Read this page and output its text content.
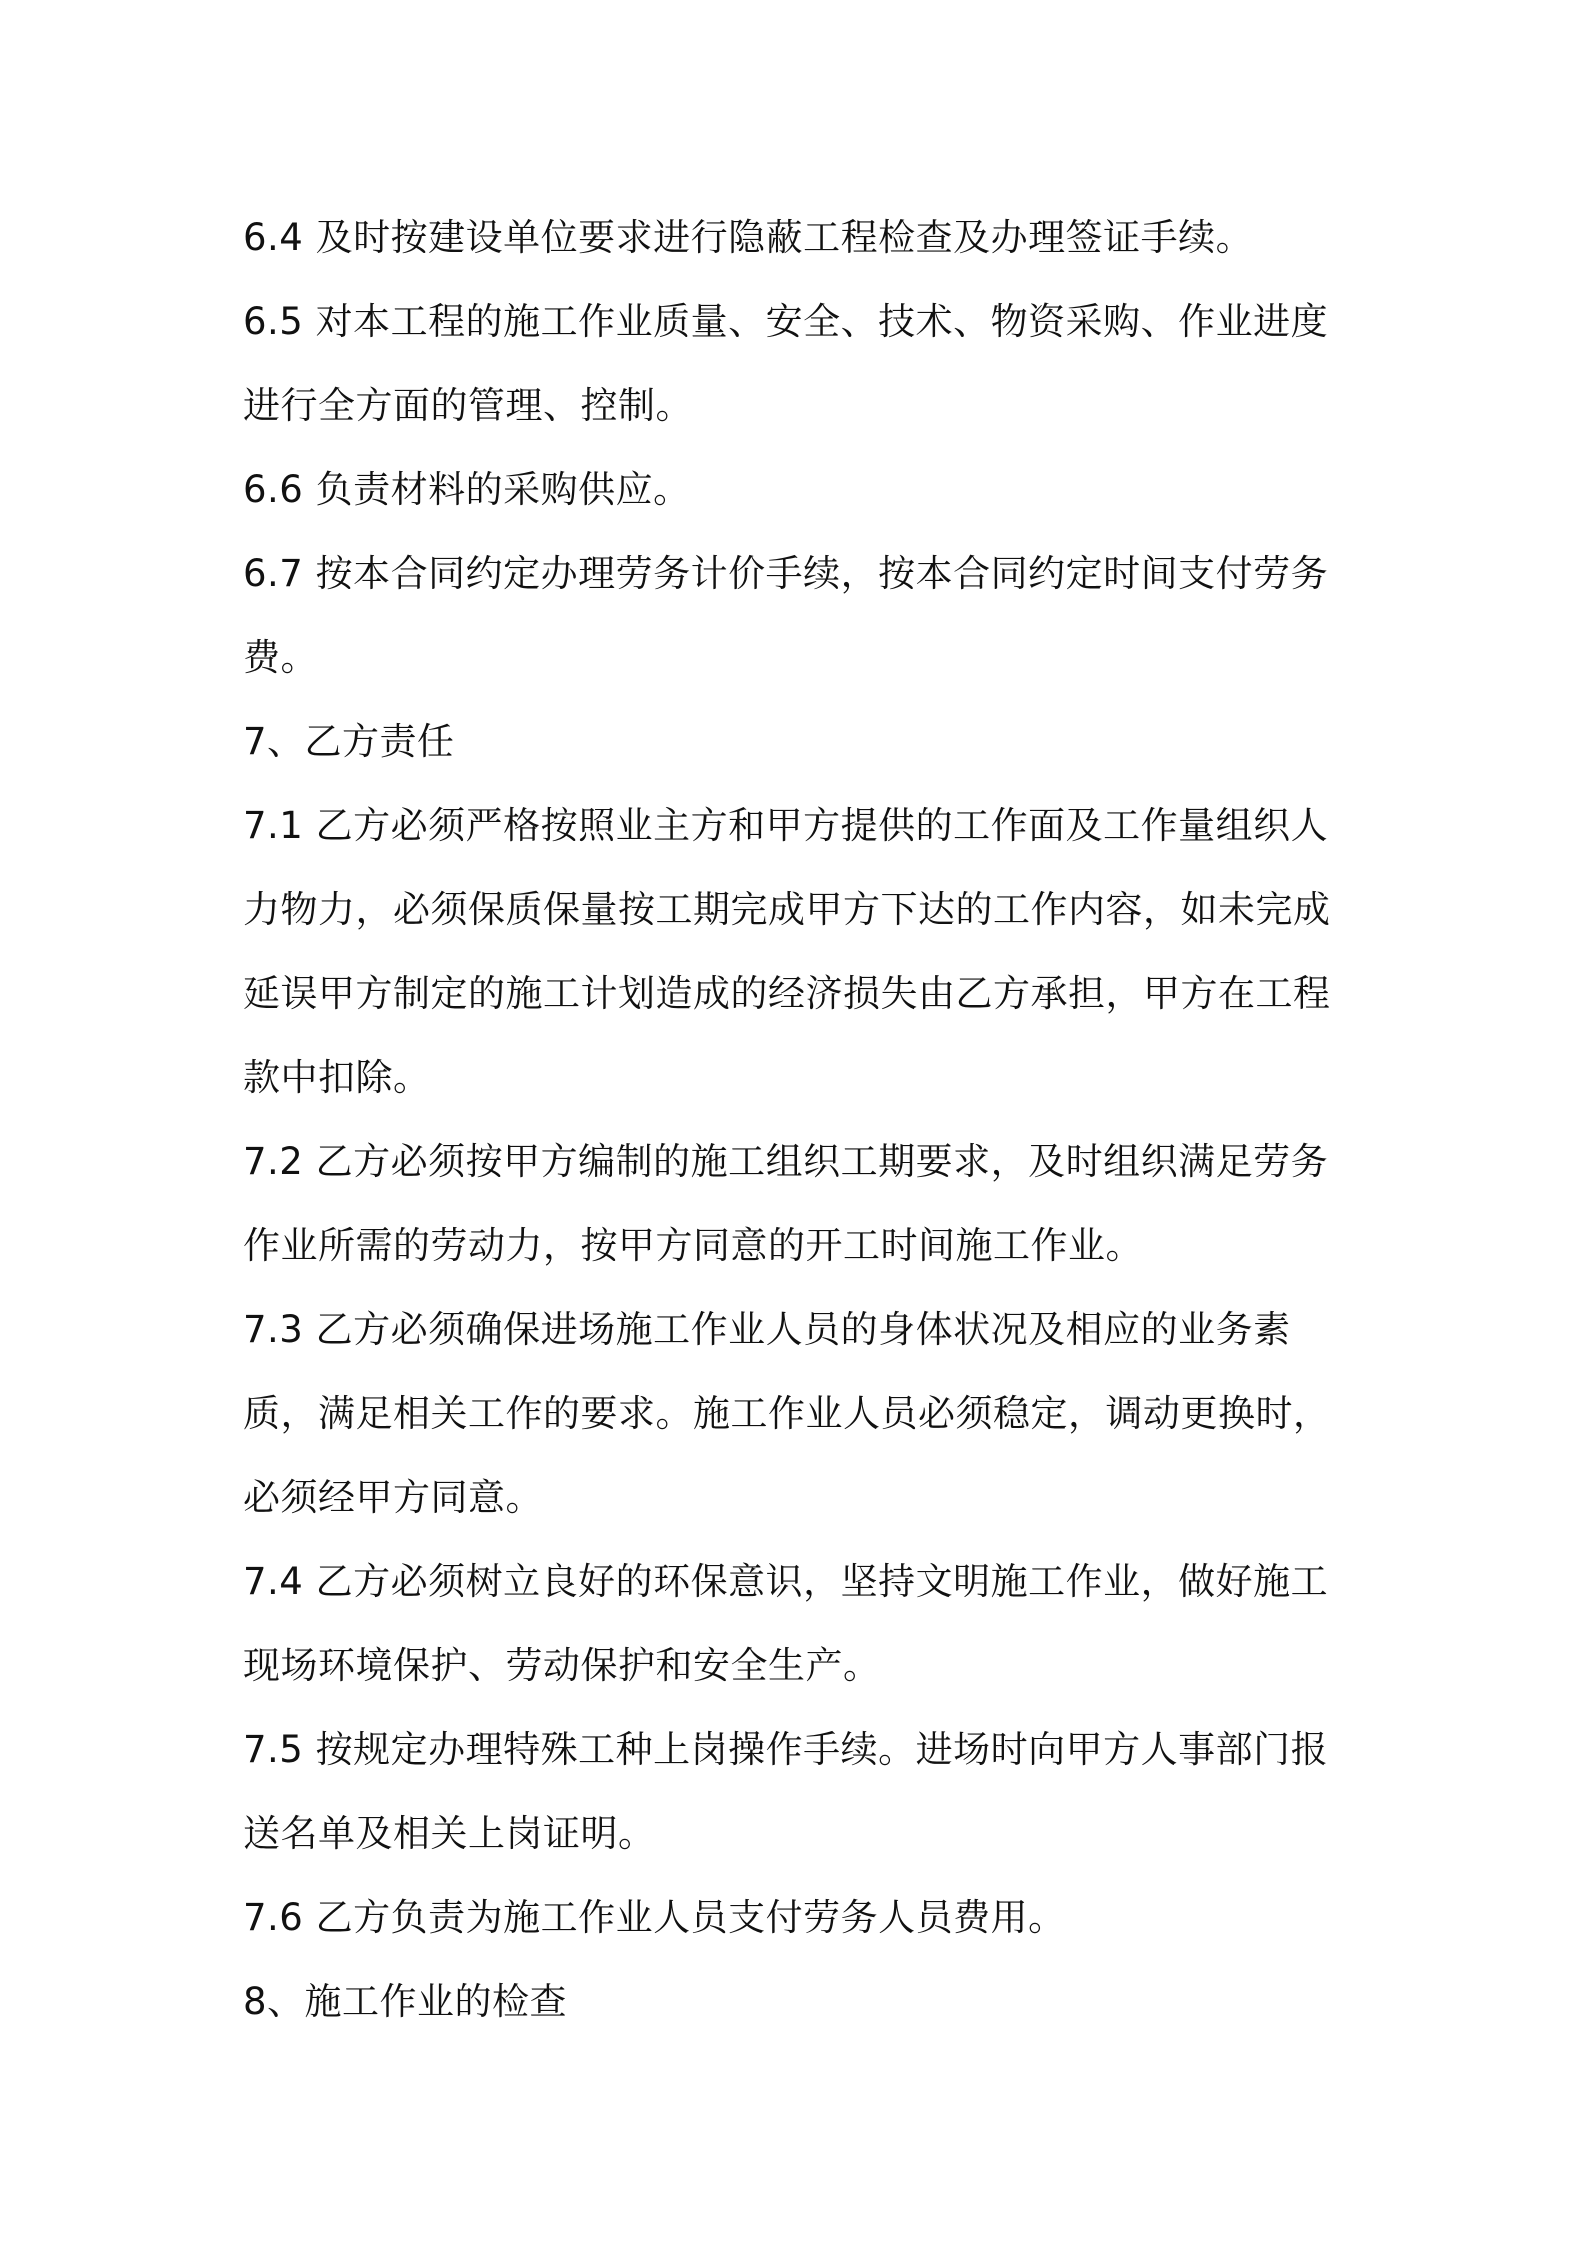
6.4 及时按建设单位要求进行隐蔽工程检查及办理签证手续。
6.5 对本工程的施工作业质量、安全、技术、物资采购、作业进度
进行全方面的管理、控制。
6.6 负责材料的采购供应。
6.7 按本合同约定办理劳务计价手续，按本合同约定时间支付劳务
费。
7、乙方责任
7.1 乙方必须严格按照业主方和甲方提供的工作面及工作量组织人
力物力，必须保质保量按工期完成甲方下达的工作内容，如未完成
延误甲方制定的施工计划造成的经济损失由乙方承担，甲方在工程
款中扣除。
7.2 乙方必须按甲方编制的施工组织工期要求，及时组织满足劳务
作业所需的劳动力，按甲方同意的开工时间施工作业。
7.3 乙方必须确保进场施工作业人员的身体状况及相应的业务素
质，满足相关工作的要求。施工作业人员必须稳定，调动更换时，
必须经甲方同意。
7.4 乙方必须树立良好的环保意识，坚持文明施工作业，做好施工
现场环境保护、劳动保护和安全生产。
7.5 按规定办理特殊工种上岗操作手续。进场时向甲方人事部门报
送名单及相关上岗证明。
7.6 乙方负责为施工作业人员支付劳务人员费用。
8、施工作业的检查
